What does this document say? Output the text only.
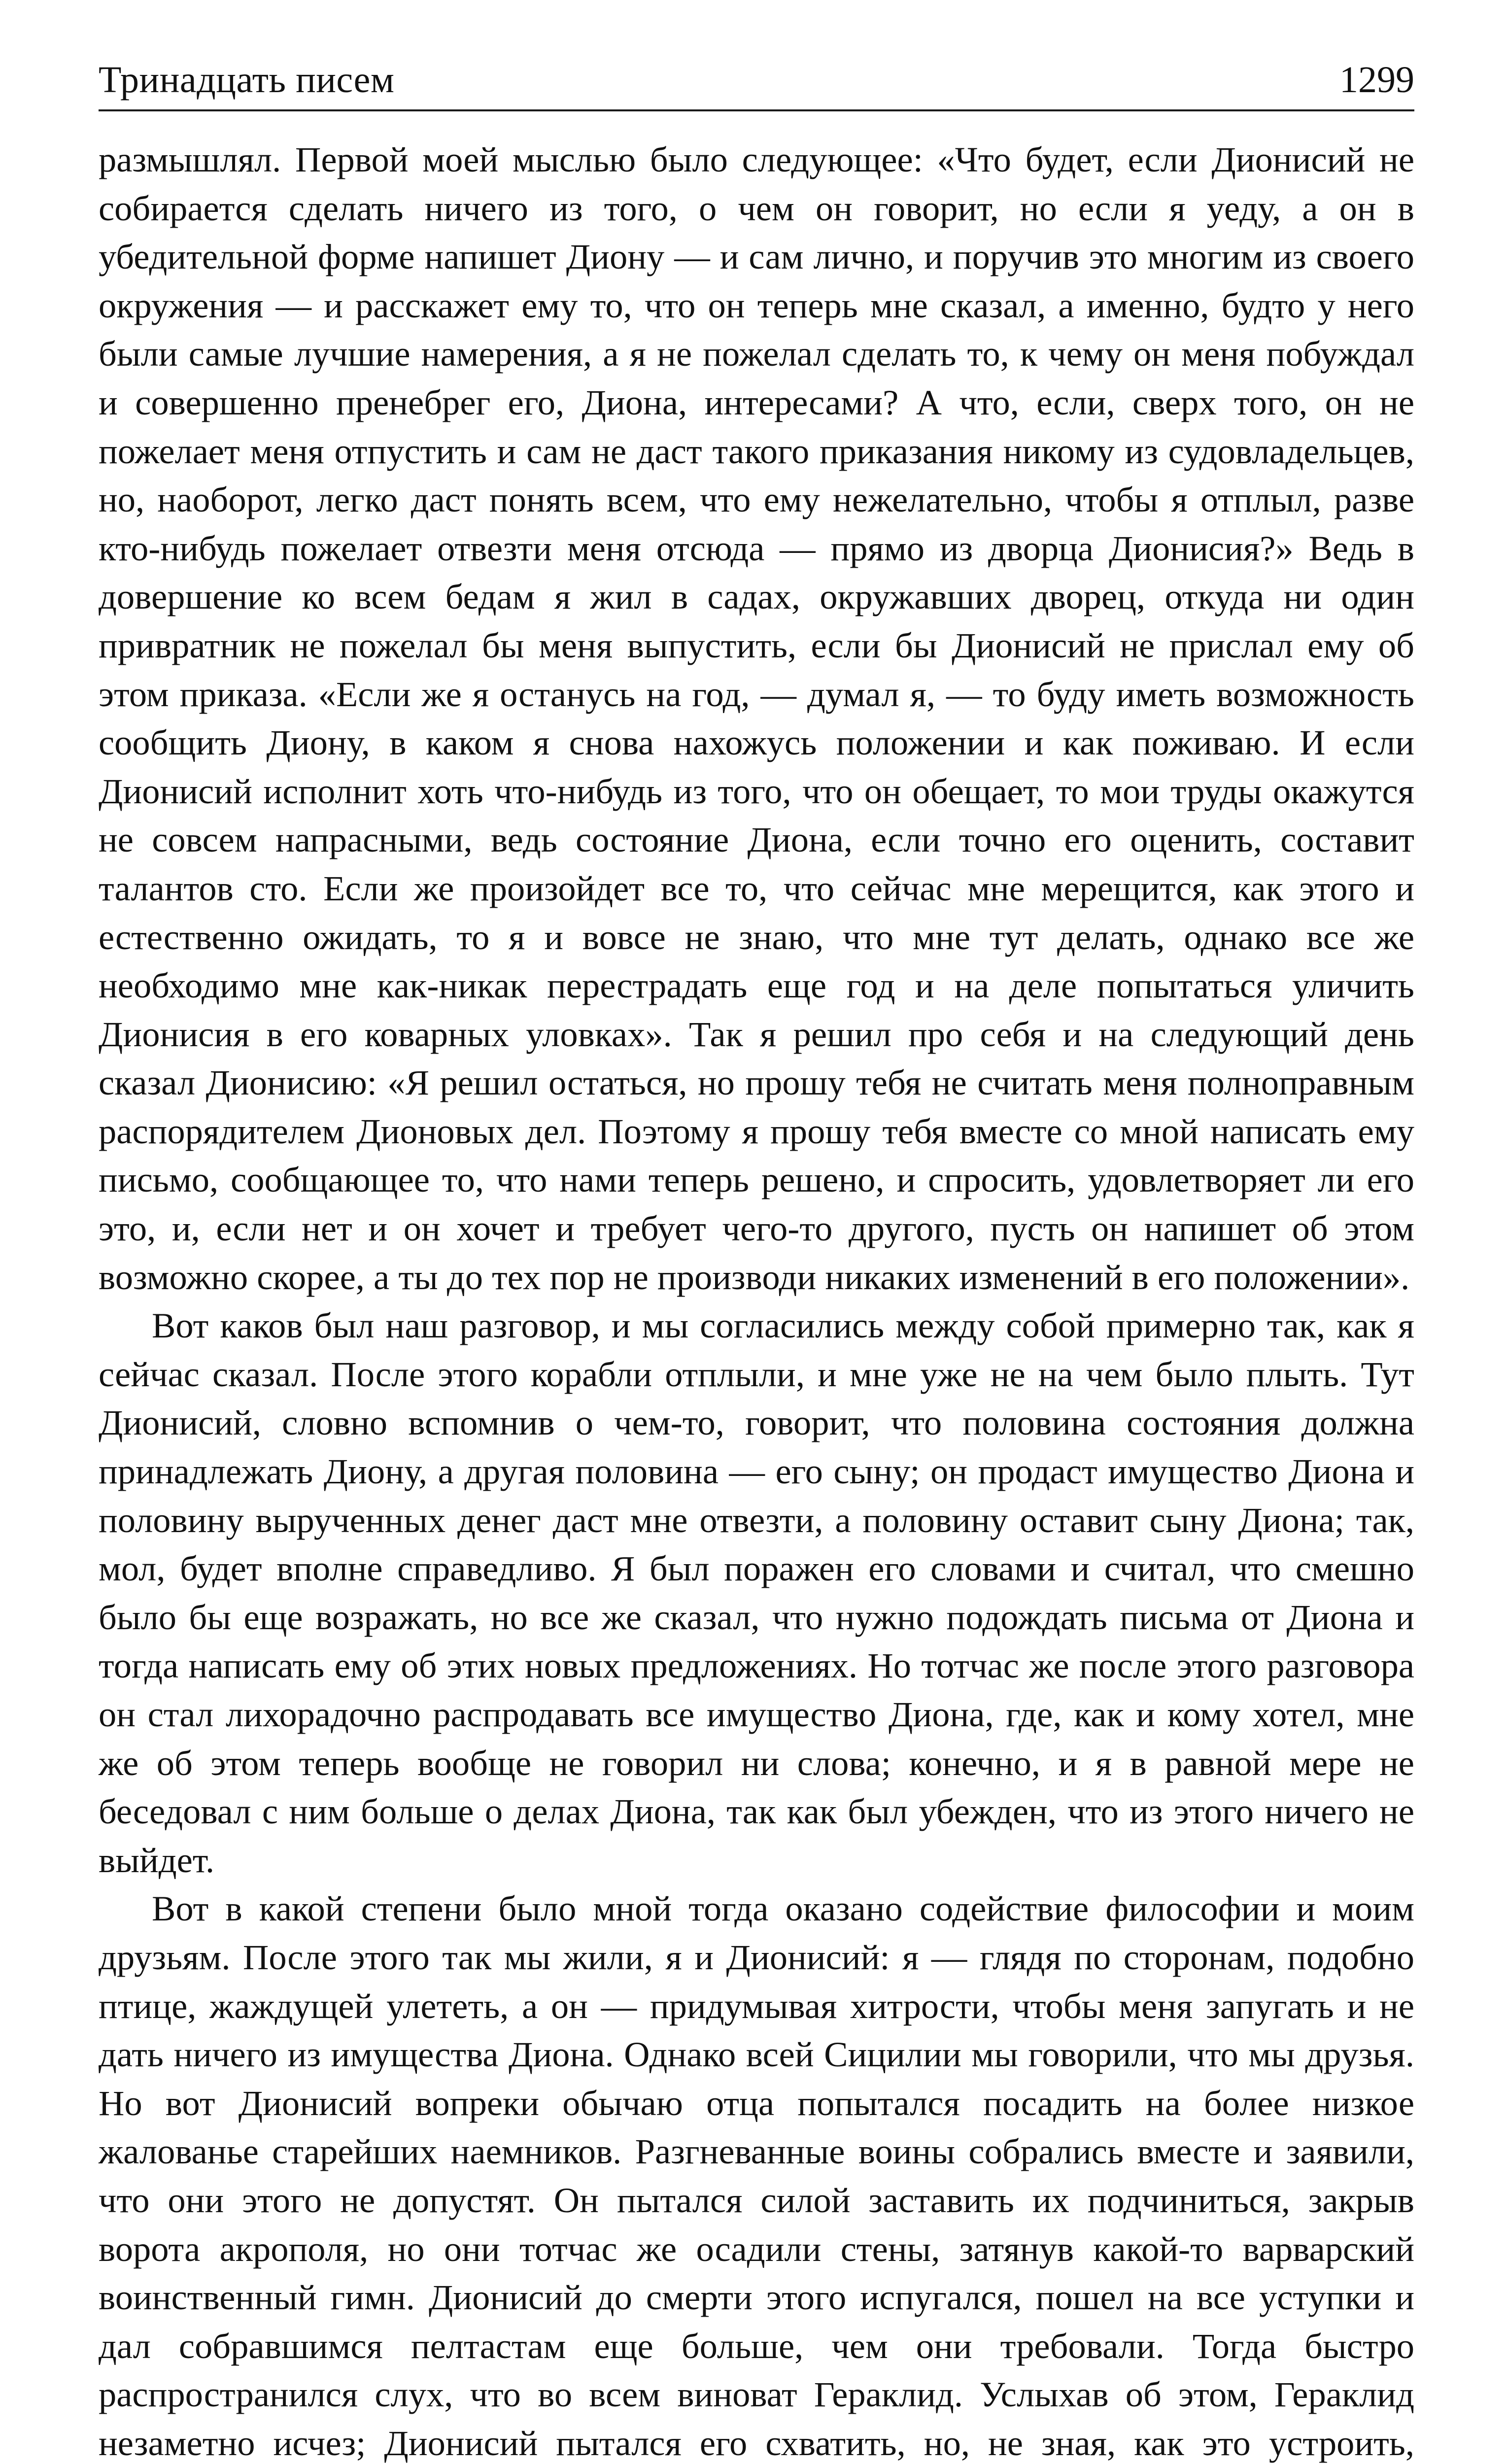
Тринадцать писем	1299

размышлял. Первой моей мыслью было следующее: «Что будет, если Дионисий не собирается сделать ничего из того, о чем он говорит, но если я уеду, а он в убедительной форме напишет Диону — и сам лично, и поручив это многим из своего окружения — и расскажет ему то, что он теперь мне сказал, а именно, будто у него были самые лучшие намерения, а я не пожелал сделать то, к чему он меня побуждал и совершенно пренебрег его, Диона, интересами? А что, если, сверх того, он не пожелает меня отпустить и сам не даст такого приказания никому из судовладельцев, но, наоборот, легко даст понять всем, что ему нежелательно, чтобы я отплыл, разве кто-нибудь пожелает отвезти меня отсюда — прямо из дворца Дионисия?» Ведь в довершение ко всем бедам я жил в садах, окружавших дворец, откуда ни один привратник не пожелал бы меня выпустить, если бы Дионисий не прислал ему об этом приказа. «Если же я останусь на год, — думал я, — то буду иметь возможность сообщить Диону, в каком я снова нахожусь положении и как поживаю. И если Дионисий исполнит хоть что-нибудь из того, что он обещает, то мои труды окажутся не совсем напрасными, ведь состояние Диона, если точно его оценить, составит талантов сто. Если же произойдет все то, что сейчас мне мерещится, как этого и естественно ожидать, то я и вовсе не знаю, что мне тут делать, однако все же необходимо мне как-никак перестрадать еще год и на деле попытаться уличить Дионисия в его коварных уловках». Так я решил про себя и на следующий день сказал Дионисию: «Я решил остаться, но прошу тебя не считать меня полноправным распорядителем Дионовых дел. Поэтому я прошу тебя вместе со мной написать ему письмо, сообщающее то, что нами теперь решено, и спросить, удовлетворяет ли его это, и, если нет и он хочет и требует чего-то другого, пусть он напишет об этом возможно скорее, а ты до тех пор не производи никаких изменений в его положении».

Вот каков был наш разговор, и мы согласились между собой примерно так, как я сейчас сказал. После этого корабли отплыли, и мне уже не на чем было плыть. Тут Дионисий, словно вспомнив о чем-то, говорит, что половина состояния должна принадлежать Диону, а другая половина — его сыну; он продаст имущество Диона и половину вырученных денег даст мне отвезти, а половину оставит сыну Диона; так, мол, будет вполне справедливо. Я был поражен его словами и считал, что смешно было бы еще возражать, но все же сказал, что нужно подождать письма от Диона и тогда написать ему об этих новых предложениях. Но тотчас же после этого разговора он стал лихорадочно распродавать все имущество Диона, где, как и кому хотел, мне же об этом теперь вообще не говорил ни слова; конечно, и я в равной мере не беседовал с ним больше о делах Диона, так как был убежден, что из этого ничего не выйдет.

Вот в какой степени было мной тогда оказано содействие философии и моим друзьям. После этого так мы жили, я и Дионисий: я — глядя по сторонам, подобно птице, жаждущей улететь, а он — придумывая хитрости, чтобы меня запугать и не дать ничего из имущества Диона. Однако всей Сицилии мы говорили, что мы друзья. Но вот Дионисий вопреки обычаю отца попытался посадить на более низкое жалованье старейших наемников. Разгневанные воины собрались вместе и заявили, что они этого не допустят. Он пытался силой заставить их подчиниться, закрыв ворота акрополя, но они тотчас же осадили стены, затянув какой-то варварский воинственный гимн. Дионисий до смерти этого испугался, пошел на все уступки и дал собравшимся пелтастам еще больше, чем они требовали. Тогда быстро распространился слух, что во всем виноват Гераклид. Услыхав об этом, Гераклид незаметно исчез; Дионисий пытался его схватить, но, не зная, как это устроить,
